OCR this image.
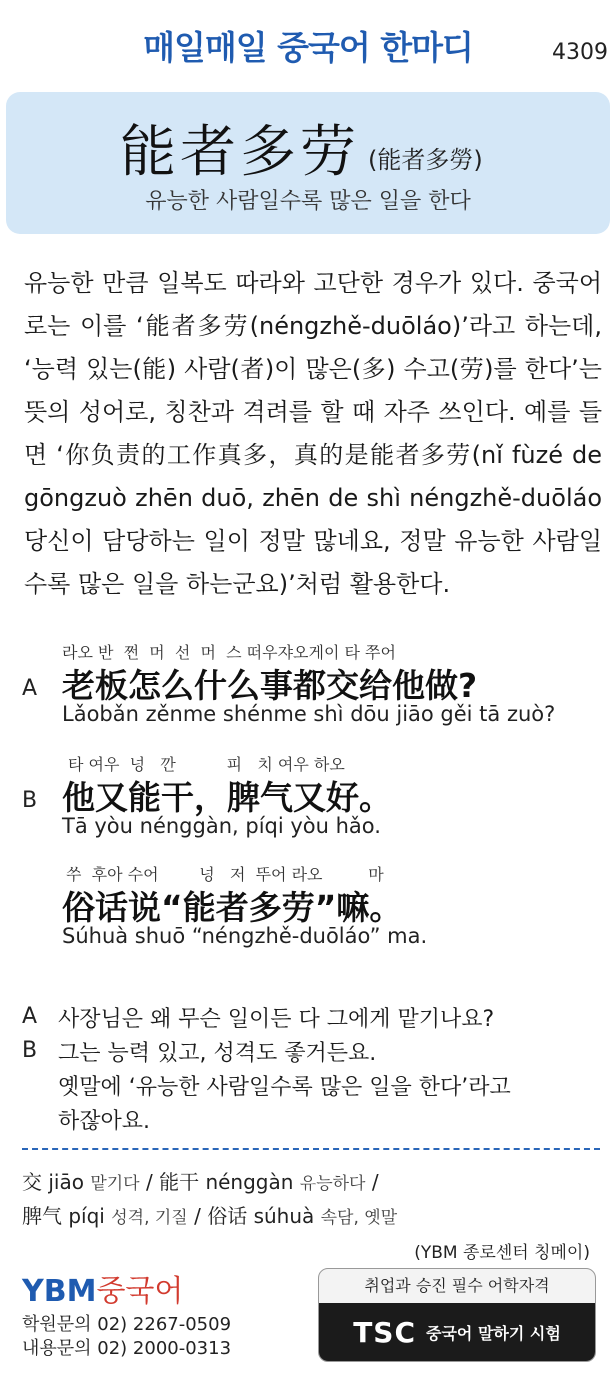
매일매일 중국어 한마디	4309
能者多劳 (能者多勞)
유능한 사람일수록 많은 일을 한다

유능한 만큼 일복도 따라와 고단한 경우가 있다. 중국어로는 이를 ‘能者多劳(néngzhě-duōláo)’라고 하는데, ‘능력 있는(能) 사람(者)이 많은(多) 수고(劳)를 한다’는 뜻의 성어로, 칭찬과 격려를 할 때 자주 쓰인다. 예를 들면 ‘你负责的工作真多，真的是能者多劳(nǐ fùzé de gōngzuò zhēn duō, zhēn de shì néngzhě-duōláo 당신이 담당하는 일이 정말 많네요, 정말 유능한 사람일수록 많은 일을 하는군요)’처럼 활용한다.

라오 반  쩐  머  선  머  스 떠우쟈오게이 타 쭈어
A 老板怎么什么事都交给他做?
Lǎobǎn zěnme shénme shì dōu jiāo gěi tā zuò?
타 여우  넝   깐          피   치 여우 하오
B 他又能干，脾气又好。
Tā yòu nénggàn, píqi yòu hǎo.
쑤  후아 수어        넝   저  뚜어 라오         마
俗话说“能者多劳”嘛。
Súhuà shuō “néngzhě-duōláo” ma.
A 사장님은 왜 무슨 일이든 다 그에게 맡기나요?
B 그는 능력 있고, 성격도 좋거든요.
옛말에 ‘유능한 사람일수록 많은 일을 한다’라고
하잖아요.
交 jiāo 맡기다 / 能干 nénggàn 유능하다 /
脾气 píqi 성격, 기질 / 俗话 súhuà 속담, 옛말
(YBM 종로센터 칭메이)
YBM중국어
학원문의 02) 2267-0509
내용문의 02) 2000-0313
취업과 승진 필수 어학자격
TSC 중국어 말하기 시험
